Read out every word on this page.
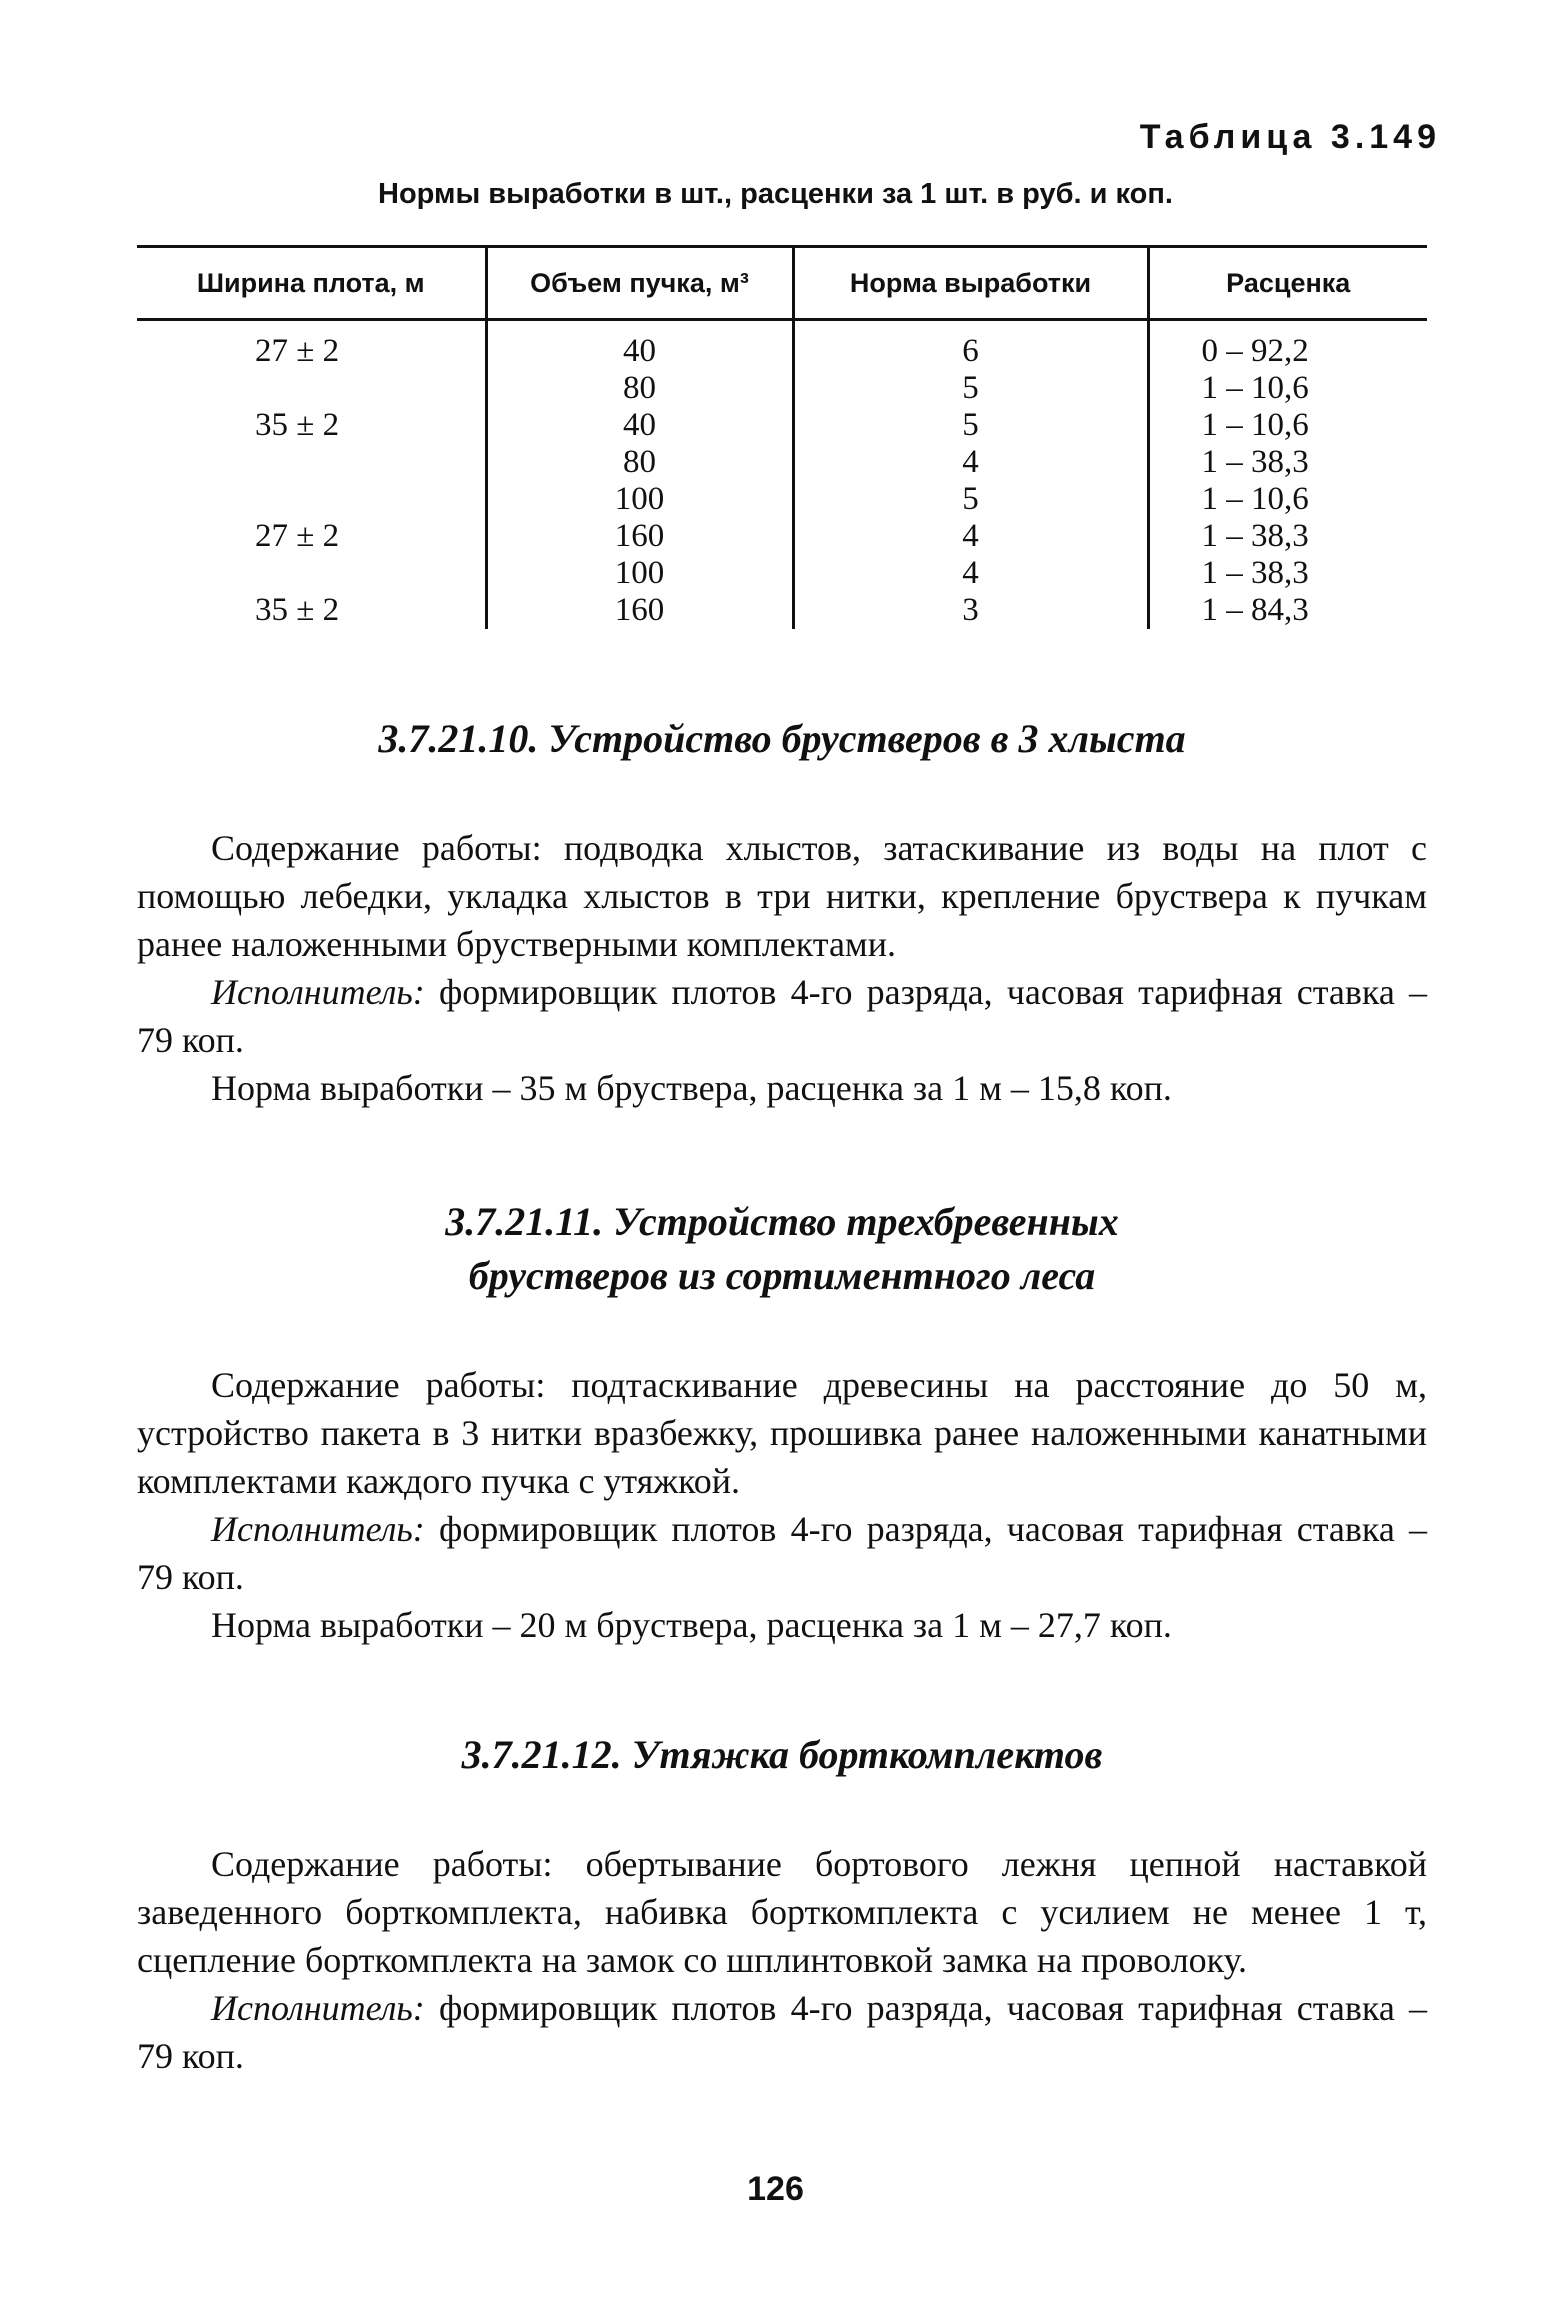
Таблица 3.149
Нормы выработки в шт., расценки за 1 шт. в руб. и коп.
Ширина плота, м	Объем пучка, м³	Норма выработки	Расценка
27 ± 2	40	6	0 – 92,2
	80	5	1 – 10,6
35 ± 2	40	5	1 – 10,6
	80	4	1 – 38,3
	100	5	1 – 10,6
27 ± 2	160	4	1 – 38,3
	100	4	1 – 38,3
35 ± 2	160	3	1 – 84,3
3.7.21.10. Устройство брустверов в 3 хлыста

Содержание работы: подводка хлыстов, затаскивание из воды на плот с помощью лебедки, укладка хлыстов в три нитки, крепление бруствера к пучкам ранее наложенными брустверными комплектами.

Исполнитель: формировщик плотов 4-го разряда, часовая тарифная ставка – 79 коп.

Норма выработки – 35 м бруствера, расценка за 1 м – 15,8 коп.

3.7.21.11. Устройство трехбревенных брустверов из сортиментного леса

Содержание работы: подтаскивание древесины на расстояние до 50 м, устройство пакета в 3 нитки вразбежку, прошивка ранее наложенными канатными комплектами каждого пучка с утяжкой.

Исполнитель: формировщик плотов 4-го разряда, часовая тарифная ставка – 79 коп.

Норма выработки – 20 м бруствера, расценка за 1 м – 27,7 коп.

3.7.21.12. Утяжка борткомплектов

Содержание работы: обертывание бортового лежня цепной наставкой заведенного борткомплекта, набивка борткомплекта с усилием не менее 1 т, сцепление борткомплекта на замок со шплинтовкой замка на проволоку.

Исполнитель: формировщик плотов 4-го разряда, часовая тарифная ставка – 79 коп.

126
